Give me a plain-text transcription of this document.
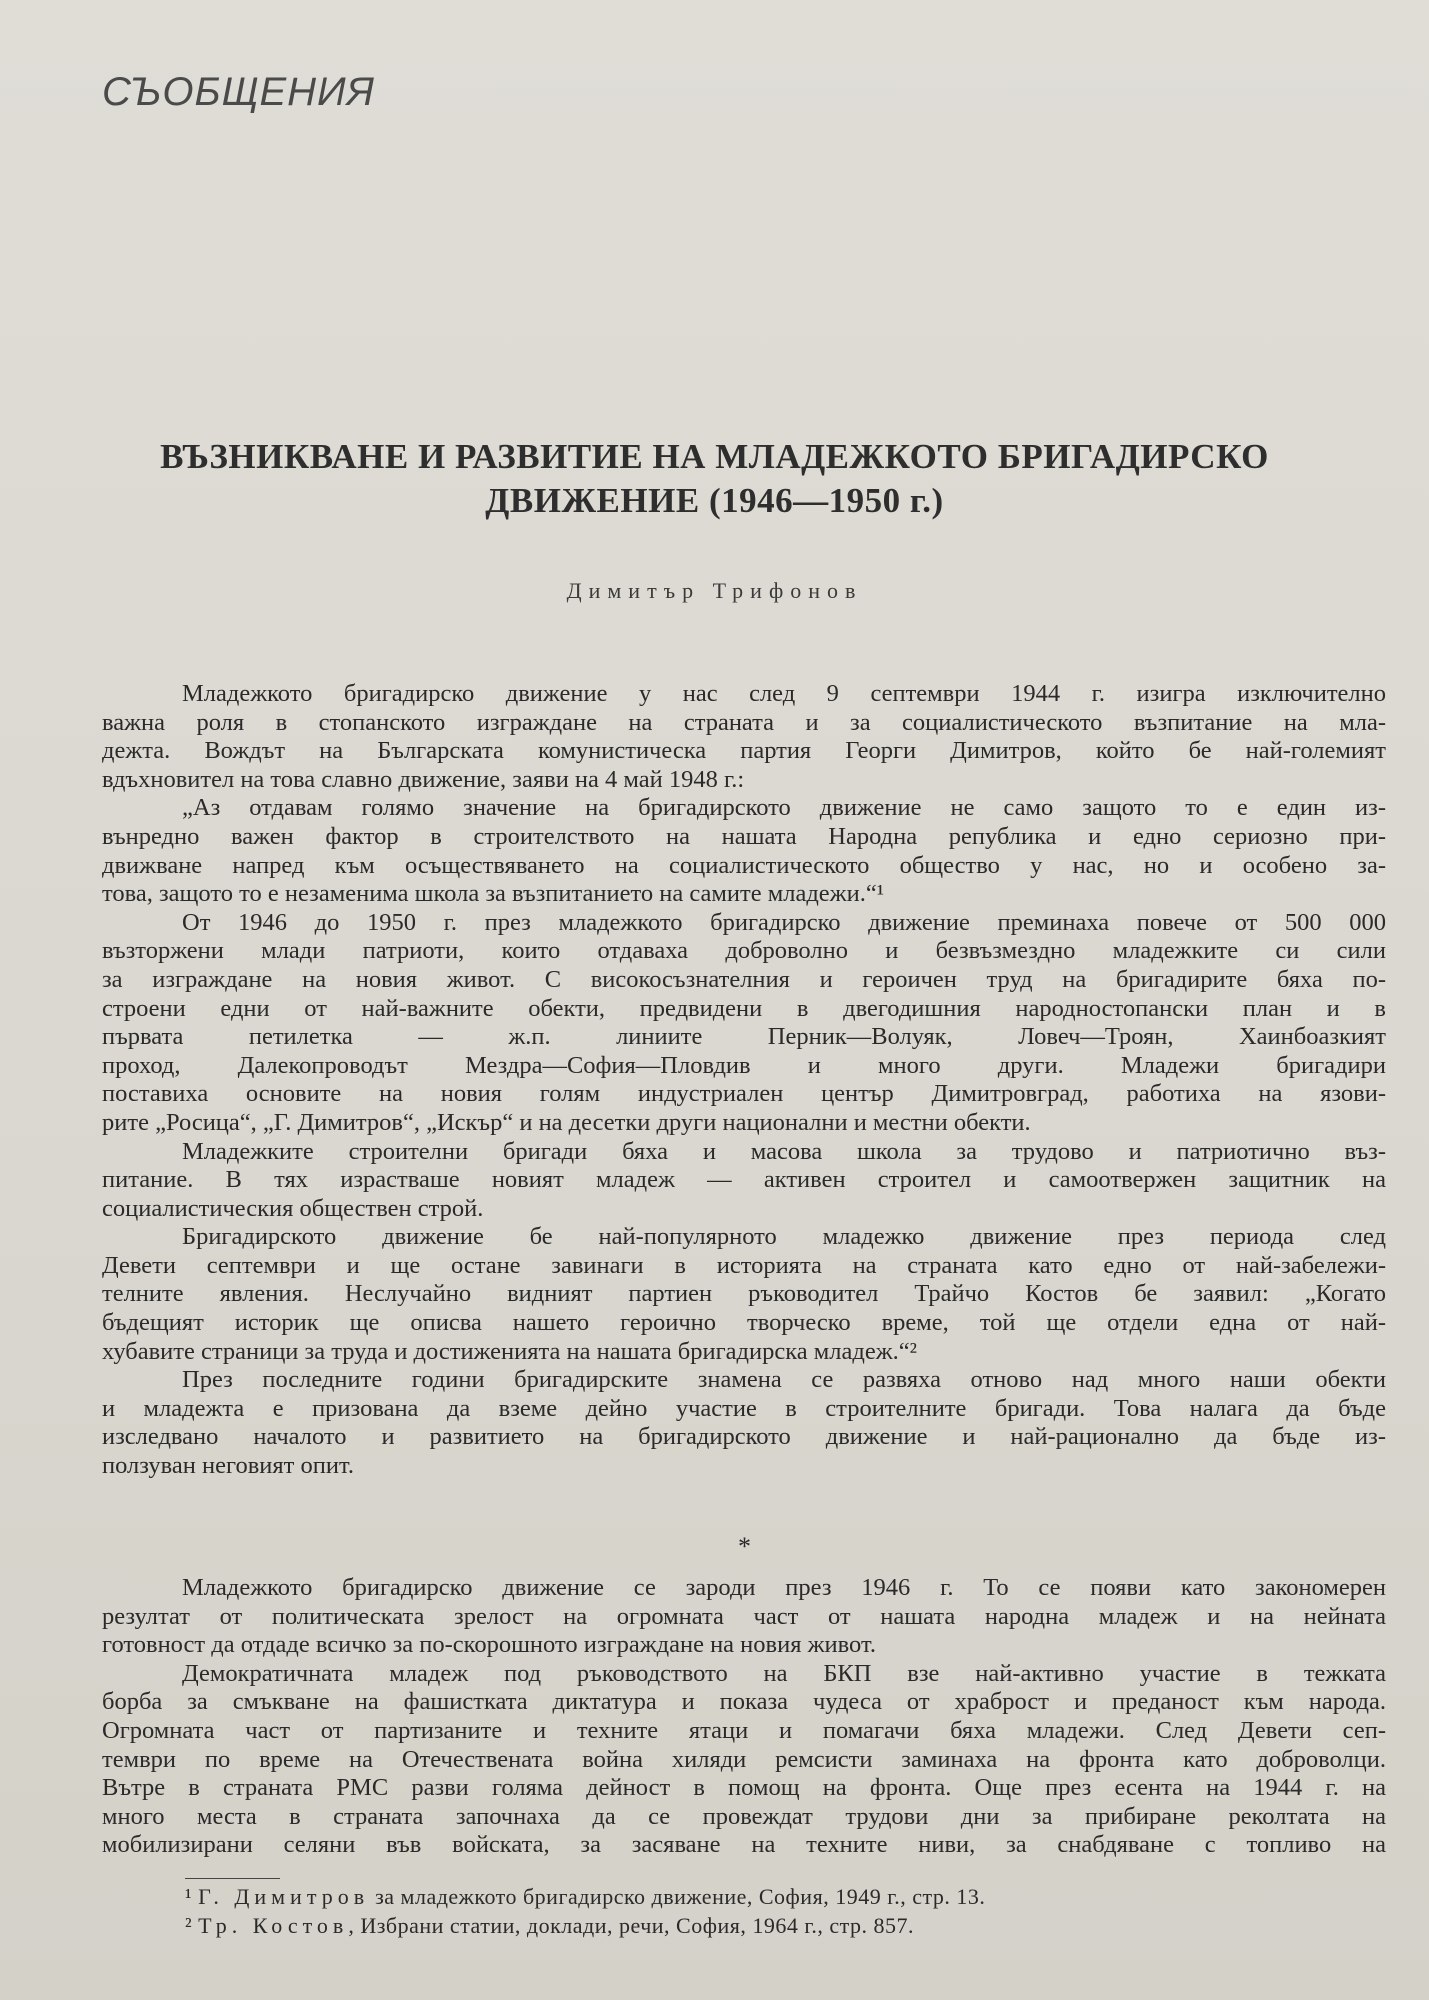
СЪОБЩЕНИЯ
ВЪЗНИКВАНЕ И РАЗВИТИЕ НА МЛАДЕЖКОТО БРИГАДИРСКО
ДВИЖЕНИЕ (1946—1950 г.)
Димитър Трифонов
Младежкото бригадирско движение у нас след 9 септември 1944 г. изигра изключително
важна роля в стопанското изграждане на страната и за социалистическото възпитание на мла-
дежта. Вождът на Българската комунистическа партия Георги Димитров, който бе най-големият
вдъхновител на това славно движение, заяви на 4 май 1948 г.:
„Аз отдавам голямо значение на бригадирското движение не само защото то е един из-
вънредно важен фактор в строителството на нашата Народна република и едно сериозно при-
движване напред към осъществяването на социалистическото общество у нас, но и особено за-
това, защото то е незаменима школа за възпитанието на самите младежи.“¹
От 1946 до 1950 г. през младежкото бригадирско движение преминаха повече от 500 000
възторжени млади патриоти, които отдаваха доброволно и безвъзмездно младежките си сили
за изграждане на новия живот. С високосъзнателния и героичен труд на бригадирите бяха по-
строени едни от най-важните обекти, предвидени в двегодишния народностопански план и в
първата петилетка — ж.п. линиите Перник—Волуяк, Ловеч—Троян, Хаинбоазкият
проход, Далекопроводът Мездра—София—Пловдив и много други. Младежи бригадири
поставиха основите на новия голям индустриален център Димитровград, работиха на язови-
рите „Росица“, „Г. Димитров“, „Искър“ и на десетки други национални и местни обекти.
Младежките строителни бригади бяха и масова школа за трудово и патриотично въз-
питание. В тях израстваше новият младеж — активен строител и самоотвержен защитник на
социалистическия обществен строй.
Бригадирското движение бе най-популярното младежко движение през периода след
Девети септември и ще остане завинаги в историята на страната като едно от най-забележи-
телните явления. Неслучайно видният партиен ръководител Трайчо Костов бе заявил: „Когато
бъдещият историк ще описва нашето героично творческо време, той ще отдели една от най-
хубавите страници за труда и достиженията на нашата бригадирска младеж.“²
През последните години бригадирските знамена се развяха отново над много наши обекти
и младежта е призована да вземе дейно участие в строителните бригади. Това налага да бъде
изследвано началото и развитието на бригадирското движение и най-рационално да бъде из-
ползуван неговият опит.
*
Младежкото бригадирско движение се зароди през 1946 г. То се появи като закономерен
резултат от политическата зрелост на огромната част от нашата народна младеж и на нейната
готовност да отдаде всичко за по-скорошното изграждане на новия живот.
Демократичната младеж под ръководството на БКП взе най-активно участие в тежката
борба за смъкване на фашистката диктатура и показа чудеса от храброст и преданост към народа.
Огромната част от партизаните и техните ятаци и помагачи бяха младежи. След Девети сеп-
тември по време на Отечествената война хиляди ремсисти заминаха на фронта като доброволци.
Вътре в страната РМС разви голяма дейност в помощ на фронта. Още през есента на 1944 г. на
много места в страната започнаха да се провеждат трудови дни за прибиране реколтата на
мобилизирани селяни във войската, за засяване на техните ниви, за снабдяване с топливо на
¹ Г. Димитров за младежкото бригадирско движение, София, 1949 г., стр. 13.
² Тр. Костов, Избрани статии, доклади, речи, София, 1964 г., стр. 857.
